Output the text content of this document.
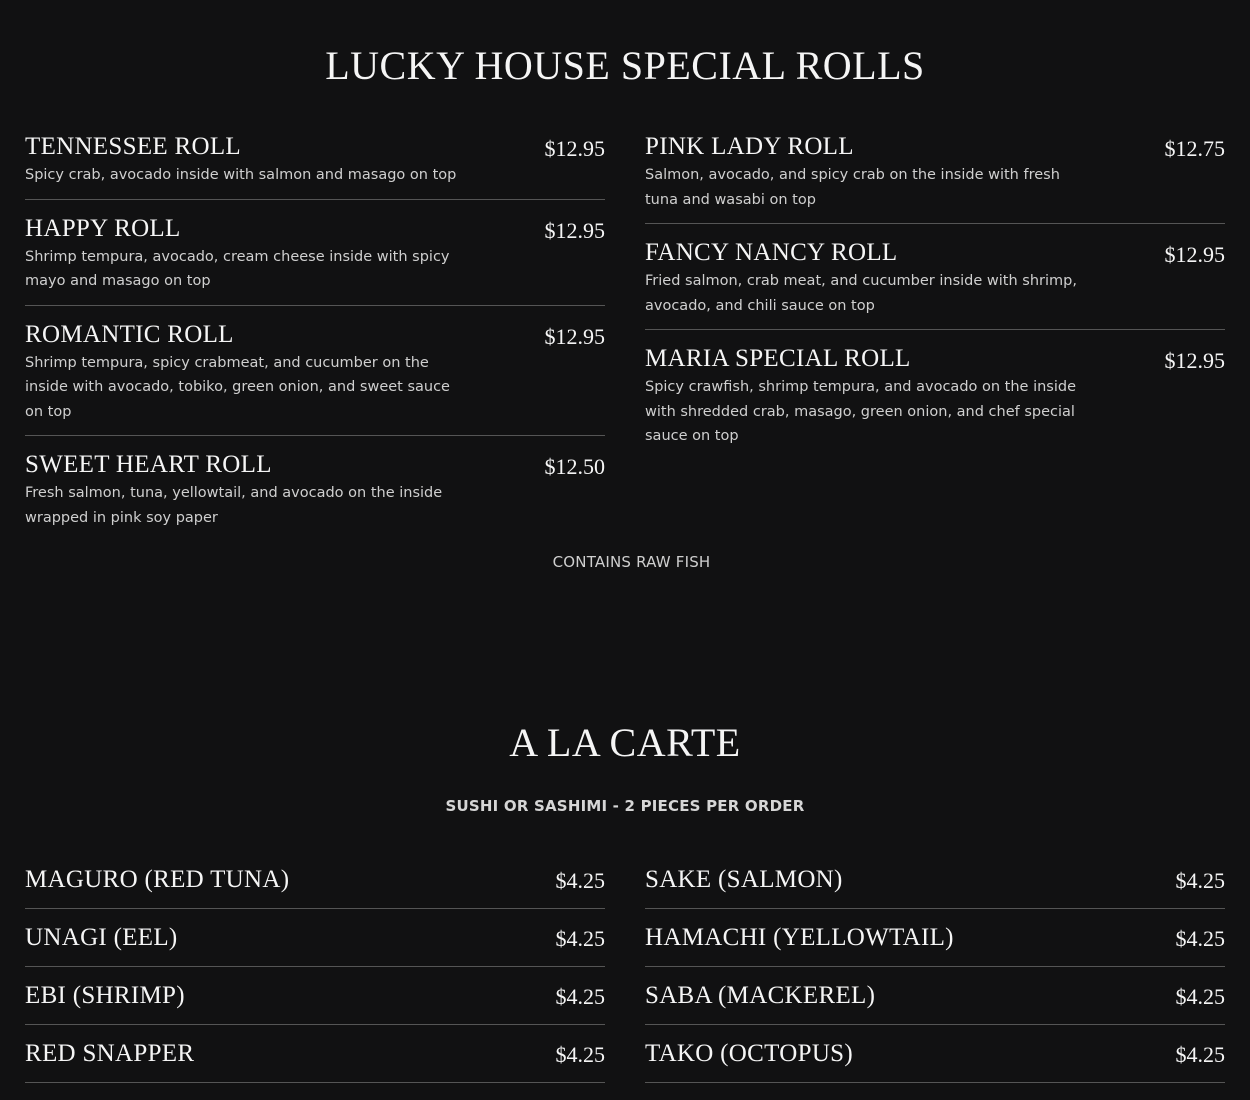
LUCKY HOUSE SPECIAL ROLLS
TENNESSEE ROLL	$12.95
Spicy crab, avocado inside with salmon and masago on top
HAPPY ROLL	$12.95
Shrimp tempura, avocado, cream cheese inside with spicy mayo and masago on top
ROMANTIC ROLL	$12.95
Shrimp tempura, spicy crabmeat, and cucumber on the inside with avocado, tobiko, green onion, and sweet sauce on top
SWEET HEART ROLL	$12.50
Fresh salmon, tuna, yellowtail, and avocado on the inside wrapped in pink soy paper
PINK LADY ROLL	$12.75
Salmon, avocado, and spicy crab on the inside with fresh tuna and wasabi on top
FANCY NANCY ROLL	$12.95
Fried salmon, crab meat, and cucumber inside with shrimp, avocado, and chili sauce on top
MARIA SPECIAL ROLL	$12.95
Spicy crawfish, shrimp tempura, and avocado on the inside with shredded crab, masago, green onion, and chef special sauce on top
CONTAINS RAW FISH
A LA CARTE
SUSHI OR SASHIMI - 2 PIECES PER ORDER
MAGURO (RED TUNA)	$4.25
UNAGI (EEL)	$4.25
EBI (SHRIMP)	$4.25
RED SNAPPER	$4.25
SAKE (SALMON)	$4.25
HAMACHI (YELLOWTAIL)	$4.25
SABA (MACKEREL)	$4.25
TAKO (OCTOPUS)	$4.25
